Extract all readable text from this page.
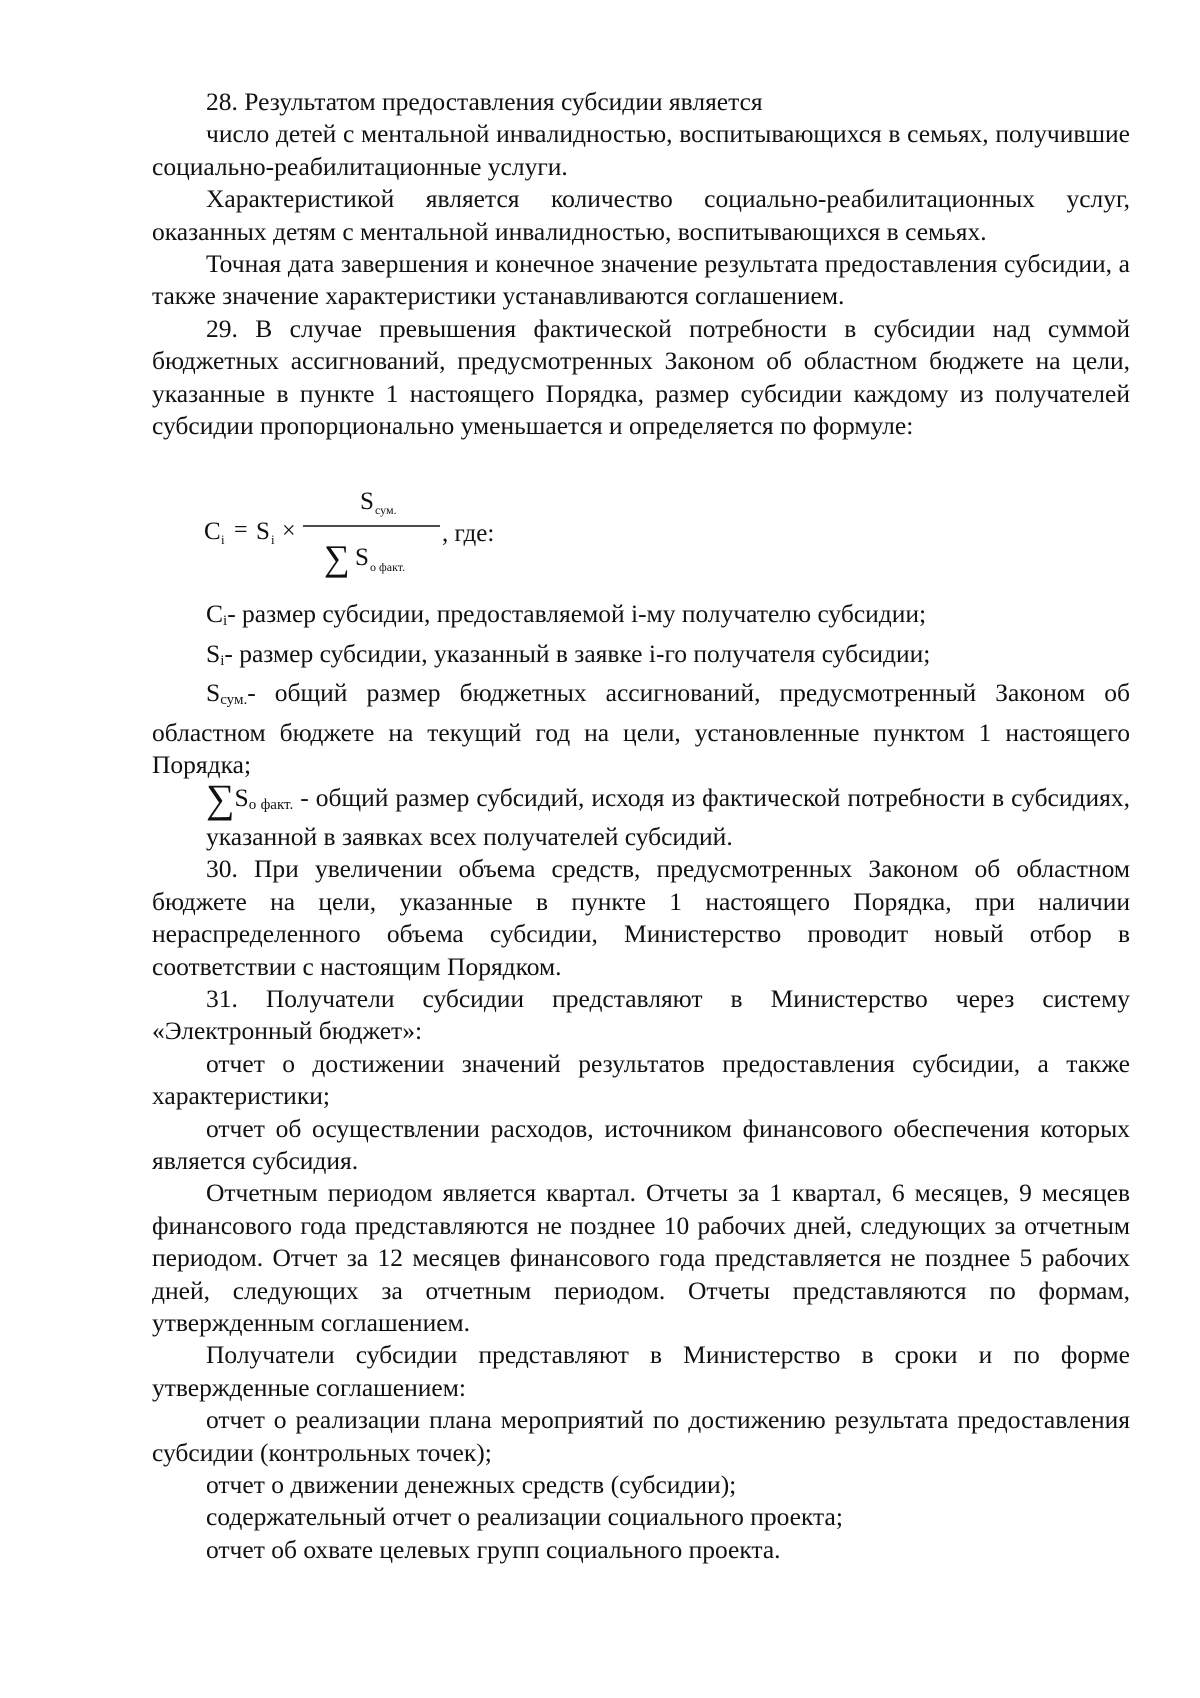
28. Результатом предоставления субсидии является

число детей с ментальной инвалидностью, воспитывающихся в семьях, получившие социально-реабилитационные услуги.

Характеристикой является количество социально-реабилитационных услуг, оказанных детям с ментальной инвалидностью, воспитывающихся в семьях.

Точная дата завершения и конечное значение результата предоставления субсидии, а также значение характеристики устанавливаются соглашением.

29. В случае превышения фактической потребности в субсидии над суммой бюджетных ассигнований, предусмотренных Законом об областном бюджете на цели, указанные в пункте 1 настоящего Порядка, размер субсидии каждому из получателей субсидии пропорционально уменьшается и определяется по формуле:

C i = S i ×
S сум.
∑ S о факт.
, где:

$C_i-$ размер субсидии, предоставляемой i-му получателю субсидии;

$S_i-$ размер субсидии, указанный в заявке i-го получателя субсидии;

$S_{сум.}-$ общий размер бюджетных ассигнований, предусмотренный Законом об областном бюджете на текущий год на цели, установленные пунктом 1 настоящего Порядка;

$\sum S_{о факт.}$ - общий размер субсидий, исходя из фактической потребности в субсидиях, указанной в заявках всех получателей субсидий.

30. При увеличении объема средств, предусмотренных Законом об областном бюджете на цели, указанные в пункте 1 настоящего Порядка, при наличии нераспределенного объема субсидии, Министерство проводит новый отбор в соответствии с настоящим Порядком.

31. Получатели субсидии представляют в Министерство через систему «Электронный бюджет»:

отчет о достижении значений результатов предоставления субсидии, а также характеристики;

отчет об осуществлении расходов, источником финансового обеспечения которых является субсидия.

Отчетным периодом является квартал. Отчеты за 1 квартал, 6 месяцев, 9 месяцев финансового года представляются не позднее 10 рабочих дней, следующих за отчетным периодом. Отчет за 12 месяцев финансового года представляется не позднее 5 рабочих дней, следующих за отчетным периодом. Отчеты представляются по формам, утвержденным соглашением.

Получатели субсидии представляют в Министерство в сроки и по форме утвержденные соглашением:

отчет о реализации плана мероприятий по достижению результата предоставления субсидии (контрольных точек);

отчет о движении денежных средств (субсидии);

содержательный отчет о реализации социального проекта;

отчет об охвате целевых групп социального проекта.
